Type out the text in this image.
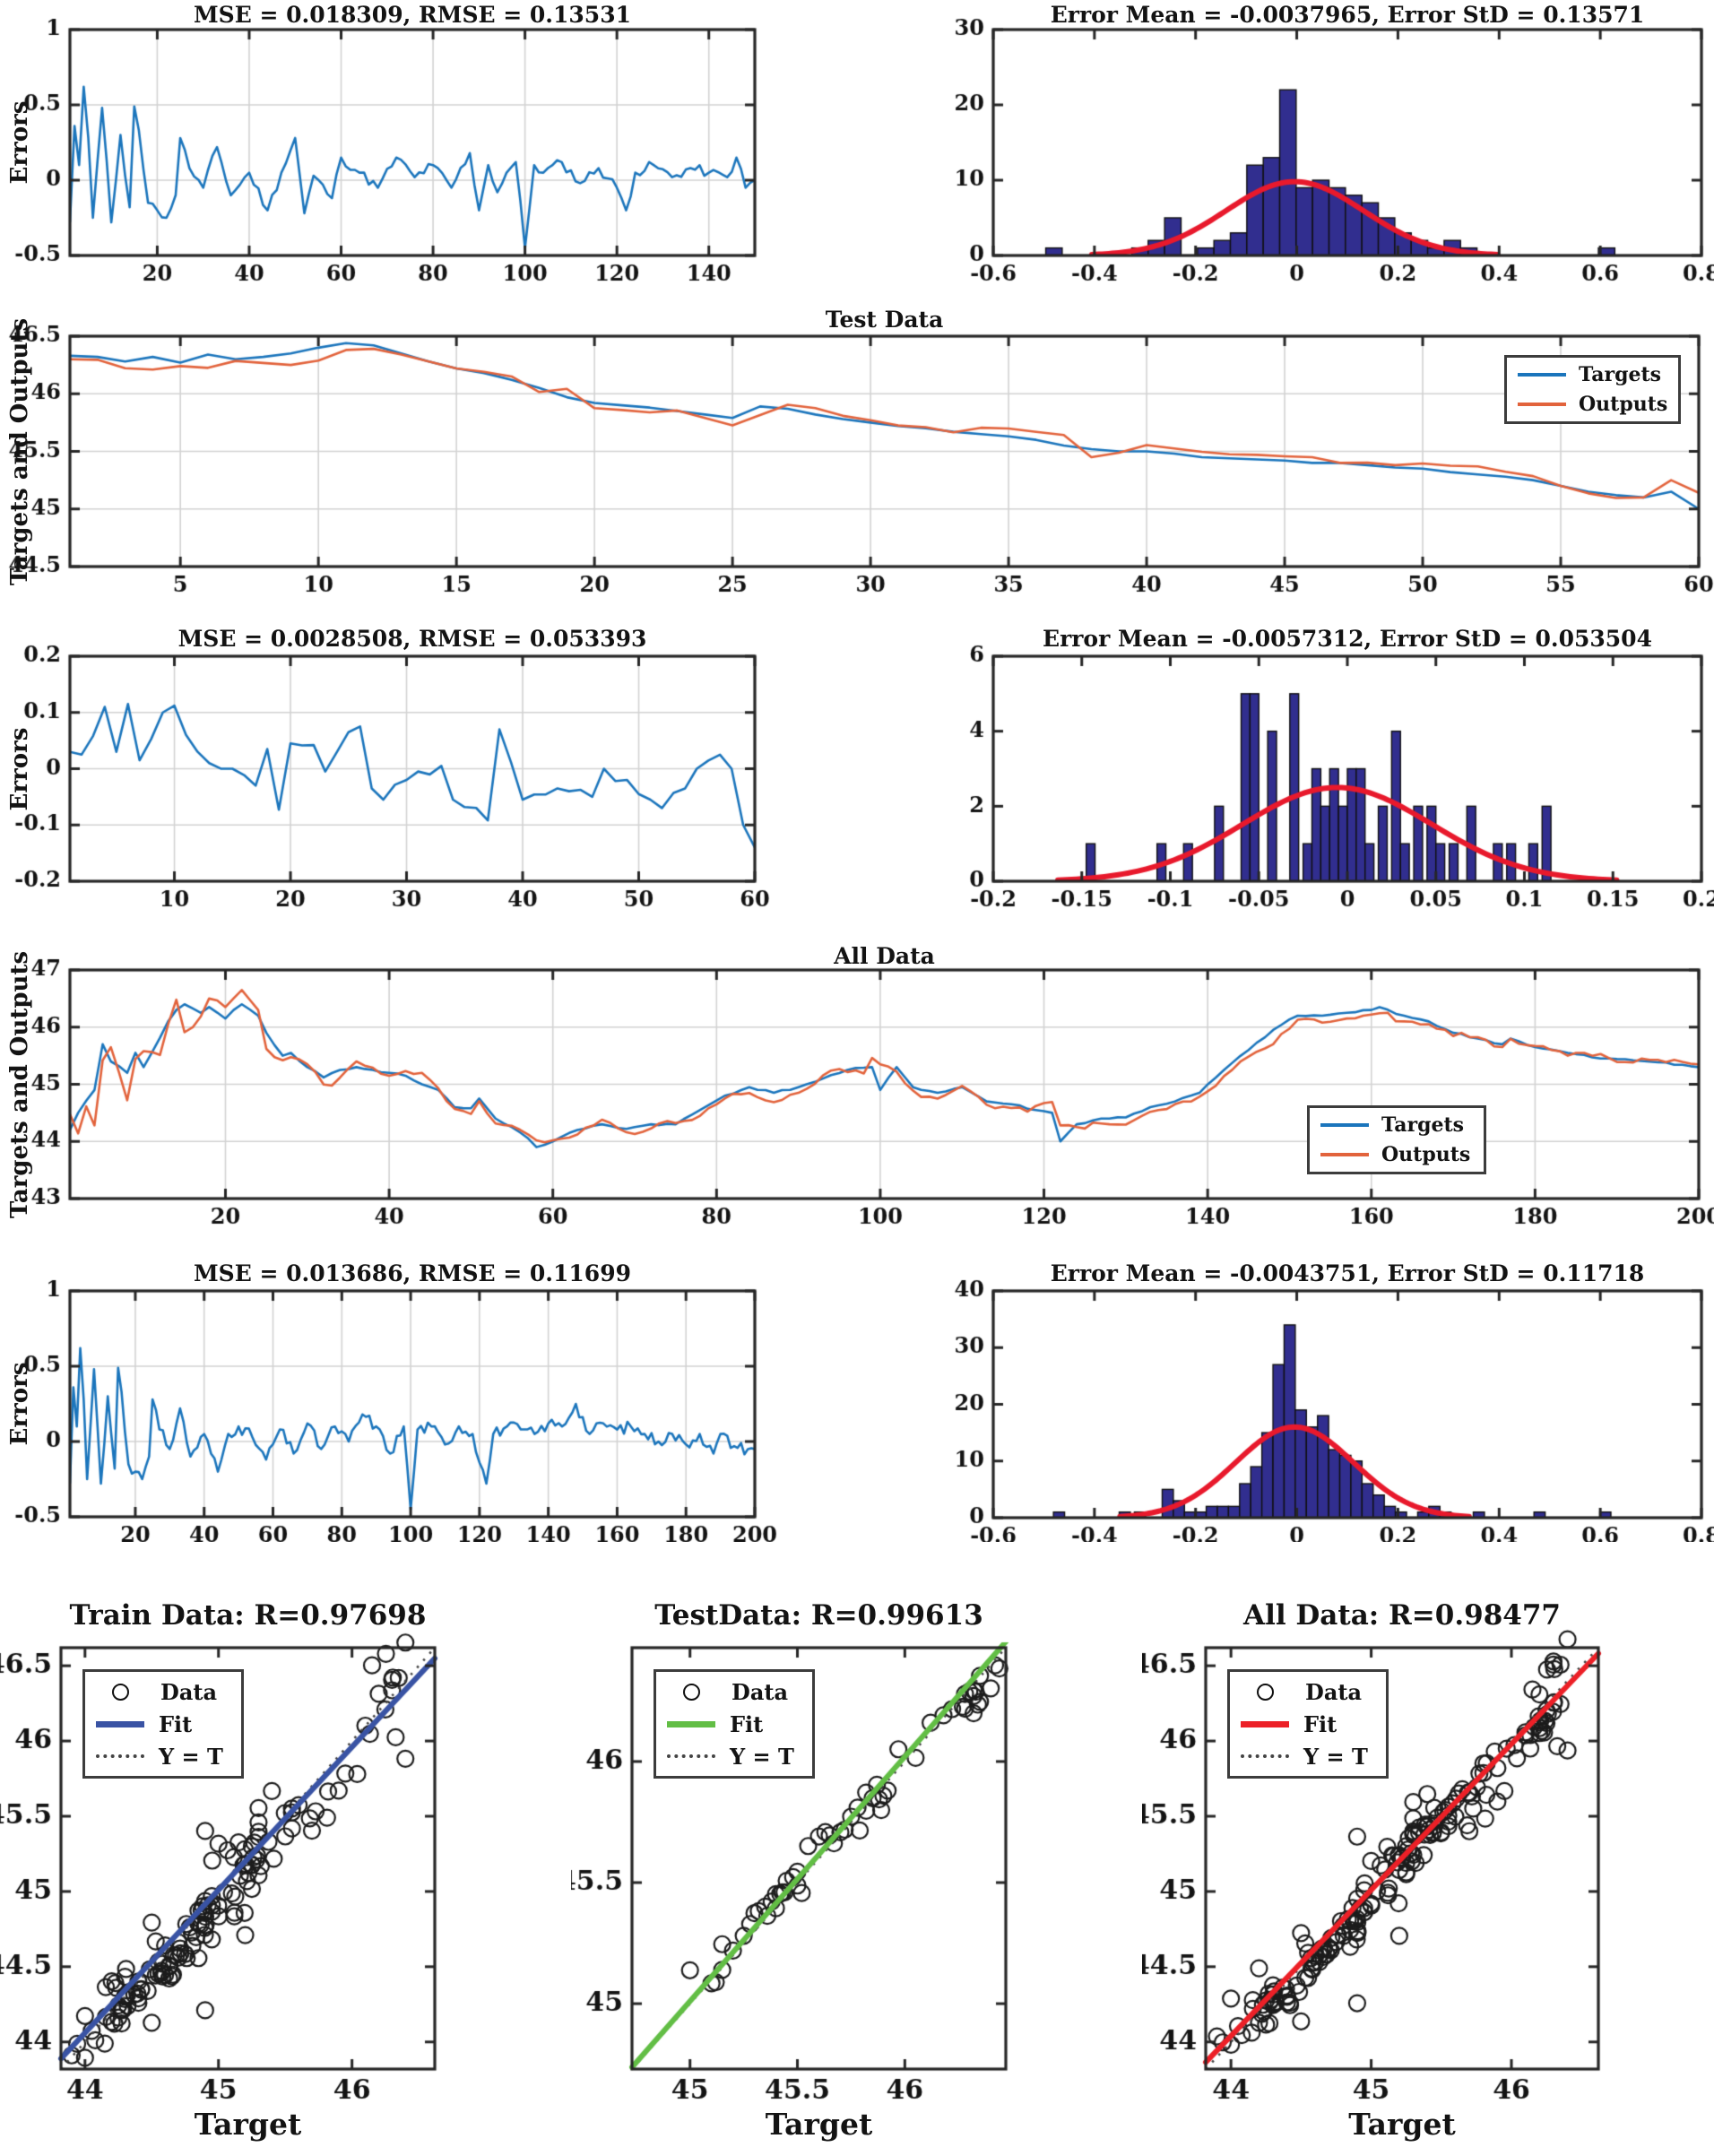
MSE = 0.018309, RMSE = 0.13531
Errors
Error Mean = -0.0037965, Error StD = 0.13571
Test Data
Targets and Outputs	Targets
Outputs
MSE = 0.0028508, RMSE = 0.053393
Errors
Error Mean = -0.0057312, Error StD = 0.053504
All Data
Targets and Outputs	Targets
Outputs
MSE = 0.013686, RMSE = 0.11699
Errors
Error Mean = -0.0043751, Error StD = 0.11718
Train Data: R=0.97698
Target
Data
Fit
Y = T
TestData: R=0.99613
Target
Data
Fit
Y = T
All Data: R=0.98477
Target
Data
Fit
Y = T
